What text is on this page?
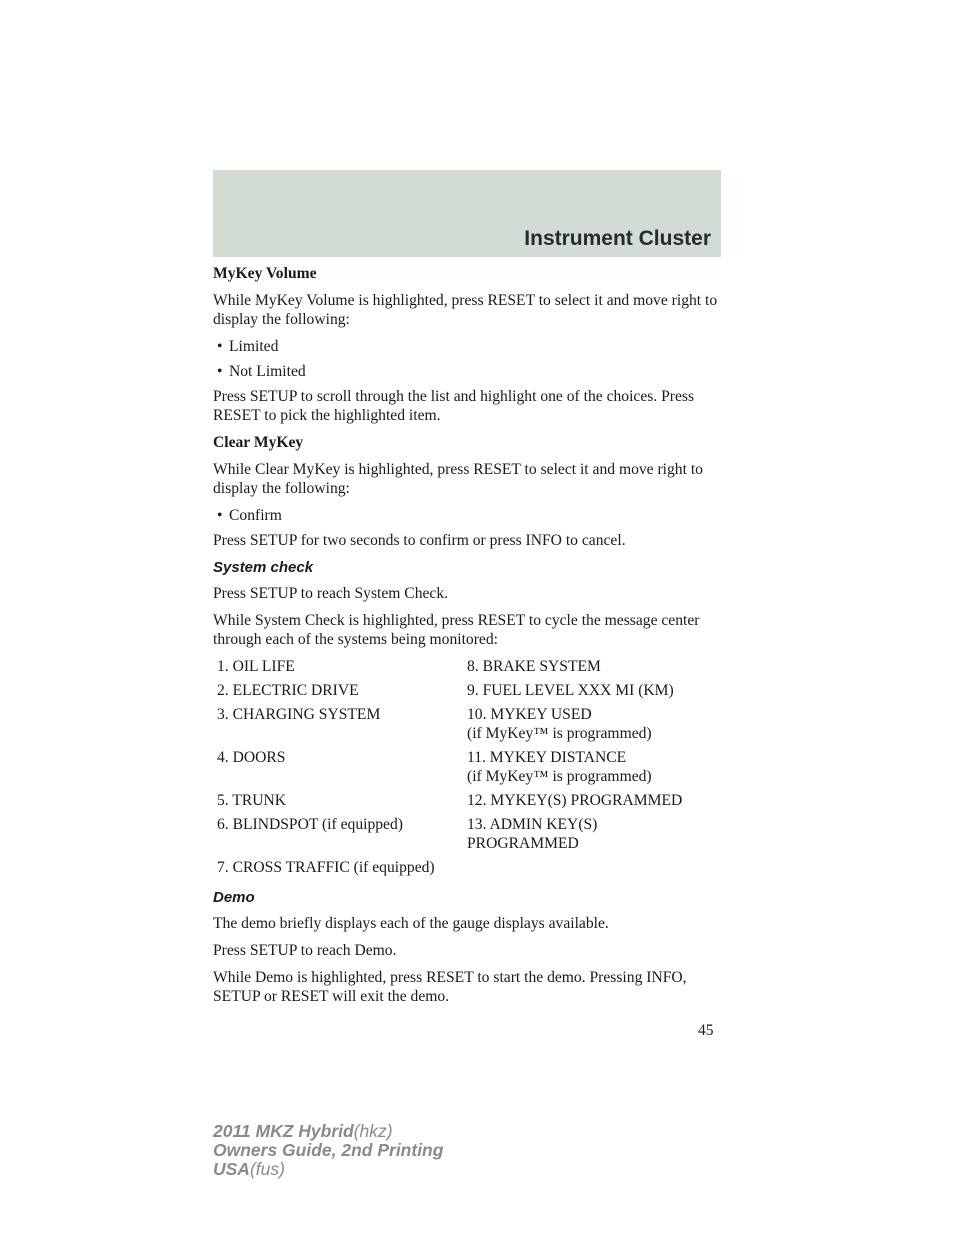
Instrument Cluster
MyKey Volume

While MyKey Volume is highlighted, press RESET to select it and move right to display the following:

• Limited
• Not Limited

Press SETUP to scroll through the list and highlight one of the choices. Press RESET to pick the highlighted item.

Clear MyKey

While Clear MyKey is highlighted, press RESET to select it and move right to display the following:

• Confirm

Press SETUP for two seconds to confirm or press INFO to cancel.

System check

Press SETUP to reach System Check.

While System Check is highlighted, press RESET to cycle the message center through each of the systems being monitored:

1. OIL LIFE
2. ELECTRIC DRIVE
3. CHARGING SYSTEM
4. DOORS
5. TRUNK
6. BLINDSPOT (if equipped)
7. CROSS TRAFFIC (if equipped)
8. BRAKE SYSTEM
9. FUEL LEVEL XXX MI (KM)
10. MYKEY USED
(if MyKey™ is programmed)
11. MYKEY DISTANCE
(if MyKey™ is programmed)
12. MYKEY(S) PROGRAMMED
13. ADMIN KEY(S)
PROGRAMMED
Demo

The demo briefly displays each of the gauge displays available.

Press SETUP to reach Demo.

While Demo is highlighted, press RESET to start the demo. Pressing INFO, SETUP or RESET will exit the demo.

45
2011 MKZ Hybrid(hkz)
Owners Guide, 2nd Printing
USA(fus)
